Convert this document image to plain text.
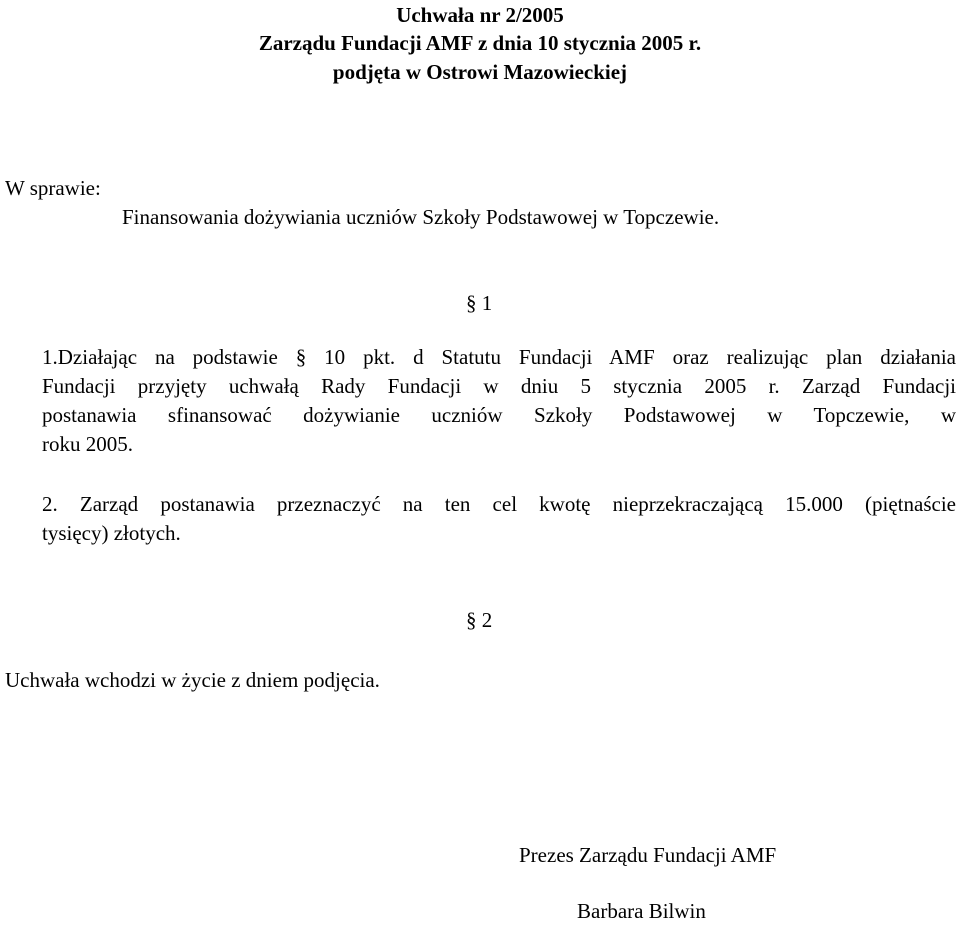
Uchwała nr 2/2005
Zarządu Fundacji AMF z dnia 10 stycznia 2005 r.
podjęta w Ostrowi Mazowieckiej
W sprawie:
Finansowania dożywiania uczniów Szkoły Podstawowej w Topczewie.
§ 1
1.Działając na podstawie § 10 pkt. d Statutu Fundacji AMF oraz realizując plan działania
Fundacji przyjęty uchwałą Rady Fundacji w dniu 5 stycznia 2005 r. Zarząd Fundacji
postanawia sfinansować dożywianie uczniów Szkoły Podstawowej w Topczewie, w
roku 2005.
2. Zarząd postanawia przeznaczyć na ten cel kwotę nieprzekraczającą 15.000 (piętnaście
tysięcy) złotych.
§ 2
Uchwała wchodzi w życie z dniem podjęcia.
Prezes Zarządu Fundacji AMF
Barbara Bilwin
